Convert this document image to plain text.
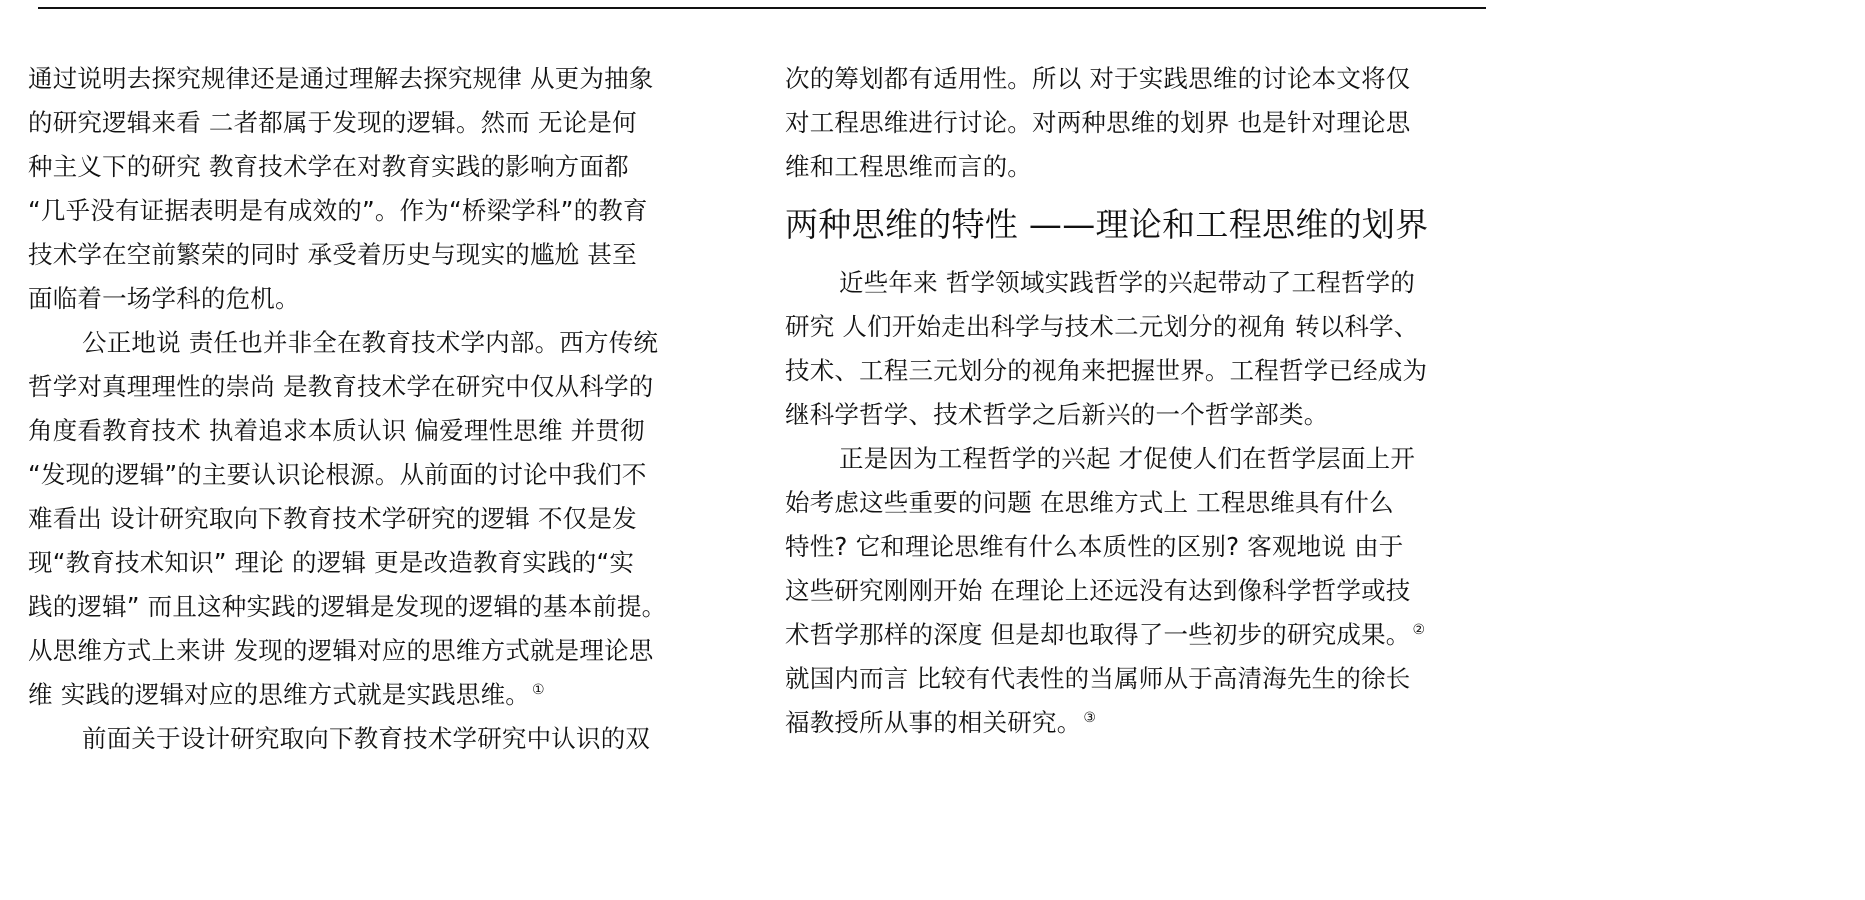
通过说明去探究规律还是通过理解去探究规律 从更为抽象
的研究逻辑来看 二者都属于发现的逻辑。然而 无论是何
种主义下的研究 教育技术学在对教育实践的影响方面都
“几乎没有证据表明是有成效的”。作为“桥梁学科”的教育
技术学在空前繁荣的同时 承受着历史与现实的尴尬 甚至
面临着一场学科的危机。
公正地说 责任也并非全在教育技术学内部。西方传统
哲学对真理理性的崇尚 是教育技术学在研究中仅从科学的
角度看教育技术 执着追求本质认识 偏爱理性思维 并贯彻
“发现的逻辑”的主要认识论根源。从前面的讨论中我们不
难看出 设计研究取向下教育技术学研究的逻辑 不仅是发
现“教育技术知识” 理论 的逻辑 更是改造教育实践的“实
践的逻辑” 而且这种实践的逻辑是发现的逻辑的基本前提。
从思维方式上来讲 发现的逻辑对应的思维方式就是理论思
维 实践的逻辑对应的思维方式就是实践思维。 ①
前面关于设计研究取向下教育技术学研究中认识的双
次的筹划都有适用性。所以 对于实践思维的讨论本文将仅
对工程思维进行讨论。对两种思维的划界 也是针对理论思
维和工程思维而言的。
两种思维的特性 ——理论和工程思维的划界
近些年来 哲学领域实践哲学的兴起带动了工程哲学的
研究 人们开始走出科学与技术二元划分的视角 转以科学、
技术、工程三元划分的视角来把握世界。工程哲学已经成为
继科学哲学、技术哲学之后新兴的一个哲学部类。
正是因为工程哲学的兴起 才促使人们在哲学层面上开
始考虑这些重要的问题 在思维方式上 工程思维具有什么
特性? 它和理论思维有什么本质性的区别? 客观地说 由于
这些研究刚刚开始 在理论上还远没有达到像科学哲学或技
术哲学那样的深度 但是却也取得了一些初步的研究成果。 ②
就国内而言 比较有代表性的当属师从于高清海先生的徐长
福教授所从事的相关研究。 ③
